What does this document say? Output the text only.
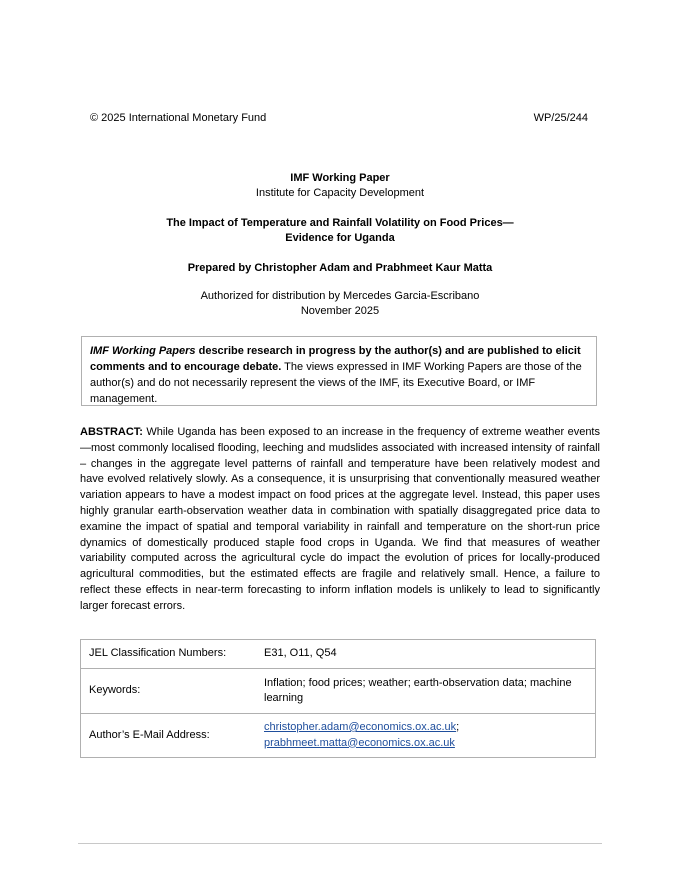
© 2025 International Monetary Fund	WP/25/244
IMF Working Paper
Institute for Capacity Development
The Impact of Temperature and Rainfall Volatility on Food Prices—
Evidence for Uganda
Prepared by Christopher Adam and Prabhmeet Kaur Matta
Authorized for distribution by Mercedes Garcia-Escribano
November 2025
IMF Working Papers describe research in progress by the author(s) and are published to elicit comments and to encourage debate. The views expressed in IMF Working Papers are those of the author(s) and do not necessarily represent the views of the IMF, its Executive Board, or IMF management.
ABSTRACT: While Uganda has been exposed to an increase in the frequency of extreme weather events—most commonly localised flooding, leeching and mudslides associated with increased intensity of rainfall – changes in the aggregate level patterns of rainfall and temperature have been relatively modest and have evolved relatively slowly. As a consequence, it is unsurprising that conventionally measured weather variation appears to have a modest impact on food prices at the aggregate level. Instead, this paper uses highly granular earth-observation weather data in combination with spatially disaggregated price data to examine the impact of spatial and temporal variability in rainfall and temperature on the short-run price dynamics of domestically produced staple food crops in Uganda. We find that measures of weather variability computed across the agricultural cycle do impact the evolution of prices for locally-produced agricultural commodities, but the estimated effects are fragile and relatively small. Hence, a failure to reflect these effects in near-term forecasting to inform inflation models is unlikely to lead to significantly larger forecast errors.
JEL Classification Numbers:	E31, O11, Q54
Keywords:	Inflation; food prices; weather; earth-observation data; machine learning
Author’s E-Mail Address:	christopher.adam@economics.ox.ac.uk;
prabhmeet.matta@economics.ox.ac.uk
